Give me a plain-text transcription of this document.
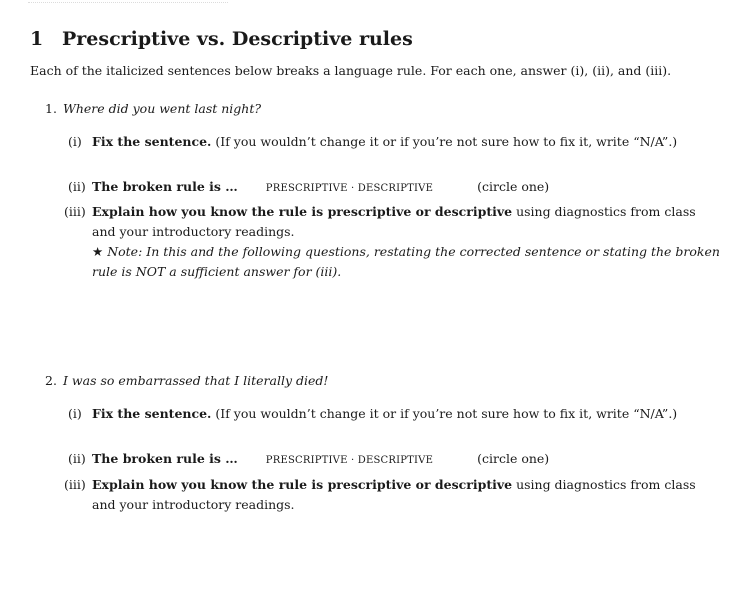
1 Prescriptive vs. Descriptive rules
Each of the italicized sentences below breaks a language rule. For each one, answer (i), (ii), and (iii).
1. Where did you went last night?
(i) Fix the sentence. (If you wouldn’t change it or if you’re not sure how to fix it, write “N/A”.)
(ii) The broken rule is …	PRESCRIPTIVE · DESCRIPTIVE	(circle one)
(iii) Explain how you know the rule is prescriptive or descriptive using diagnostics from class
and your introductory readings.
★ Note: In this and the following questions, restating the corrected sentence or stating the broken
rule is NOT a sufficient answer for (iii).
2. I was so embarrassed that I literally died!
(i) Fix the sentence. (If you wouldn’t change it or if you’re not sure how to fix it, write “N/A”.)
(ii) The broken rule is …	PRESCRIPTIVE · DESCRIPTIVE	(circle one)
(iii) Explain how you know the rule is prescriptive or descriptive using diagnostics from class
and your introductory readings.
